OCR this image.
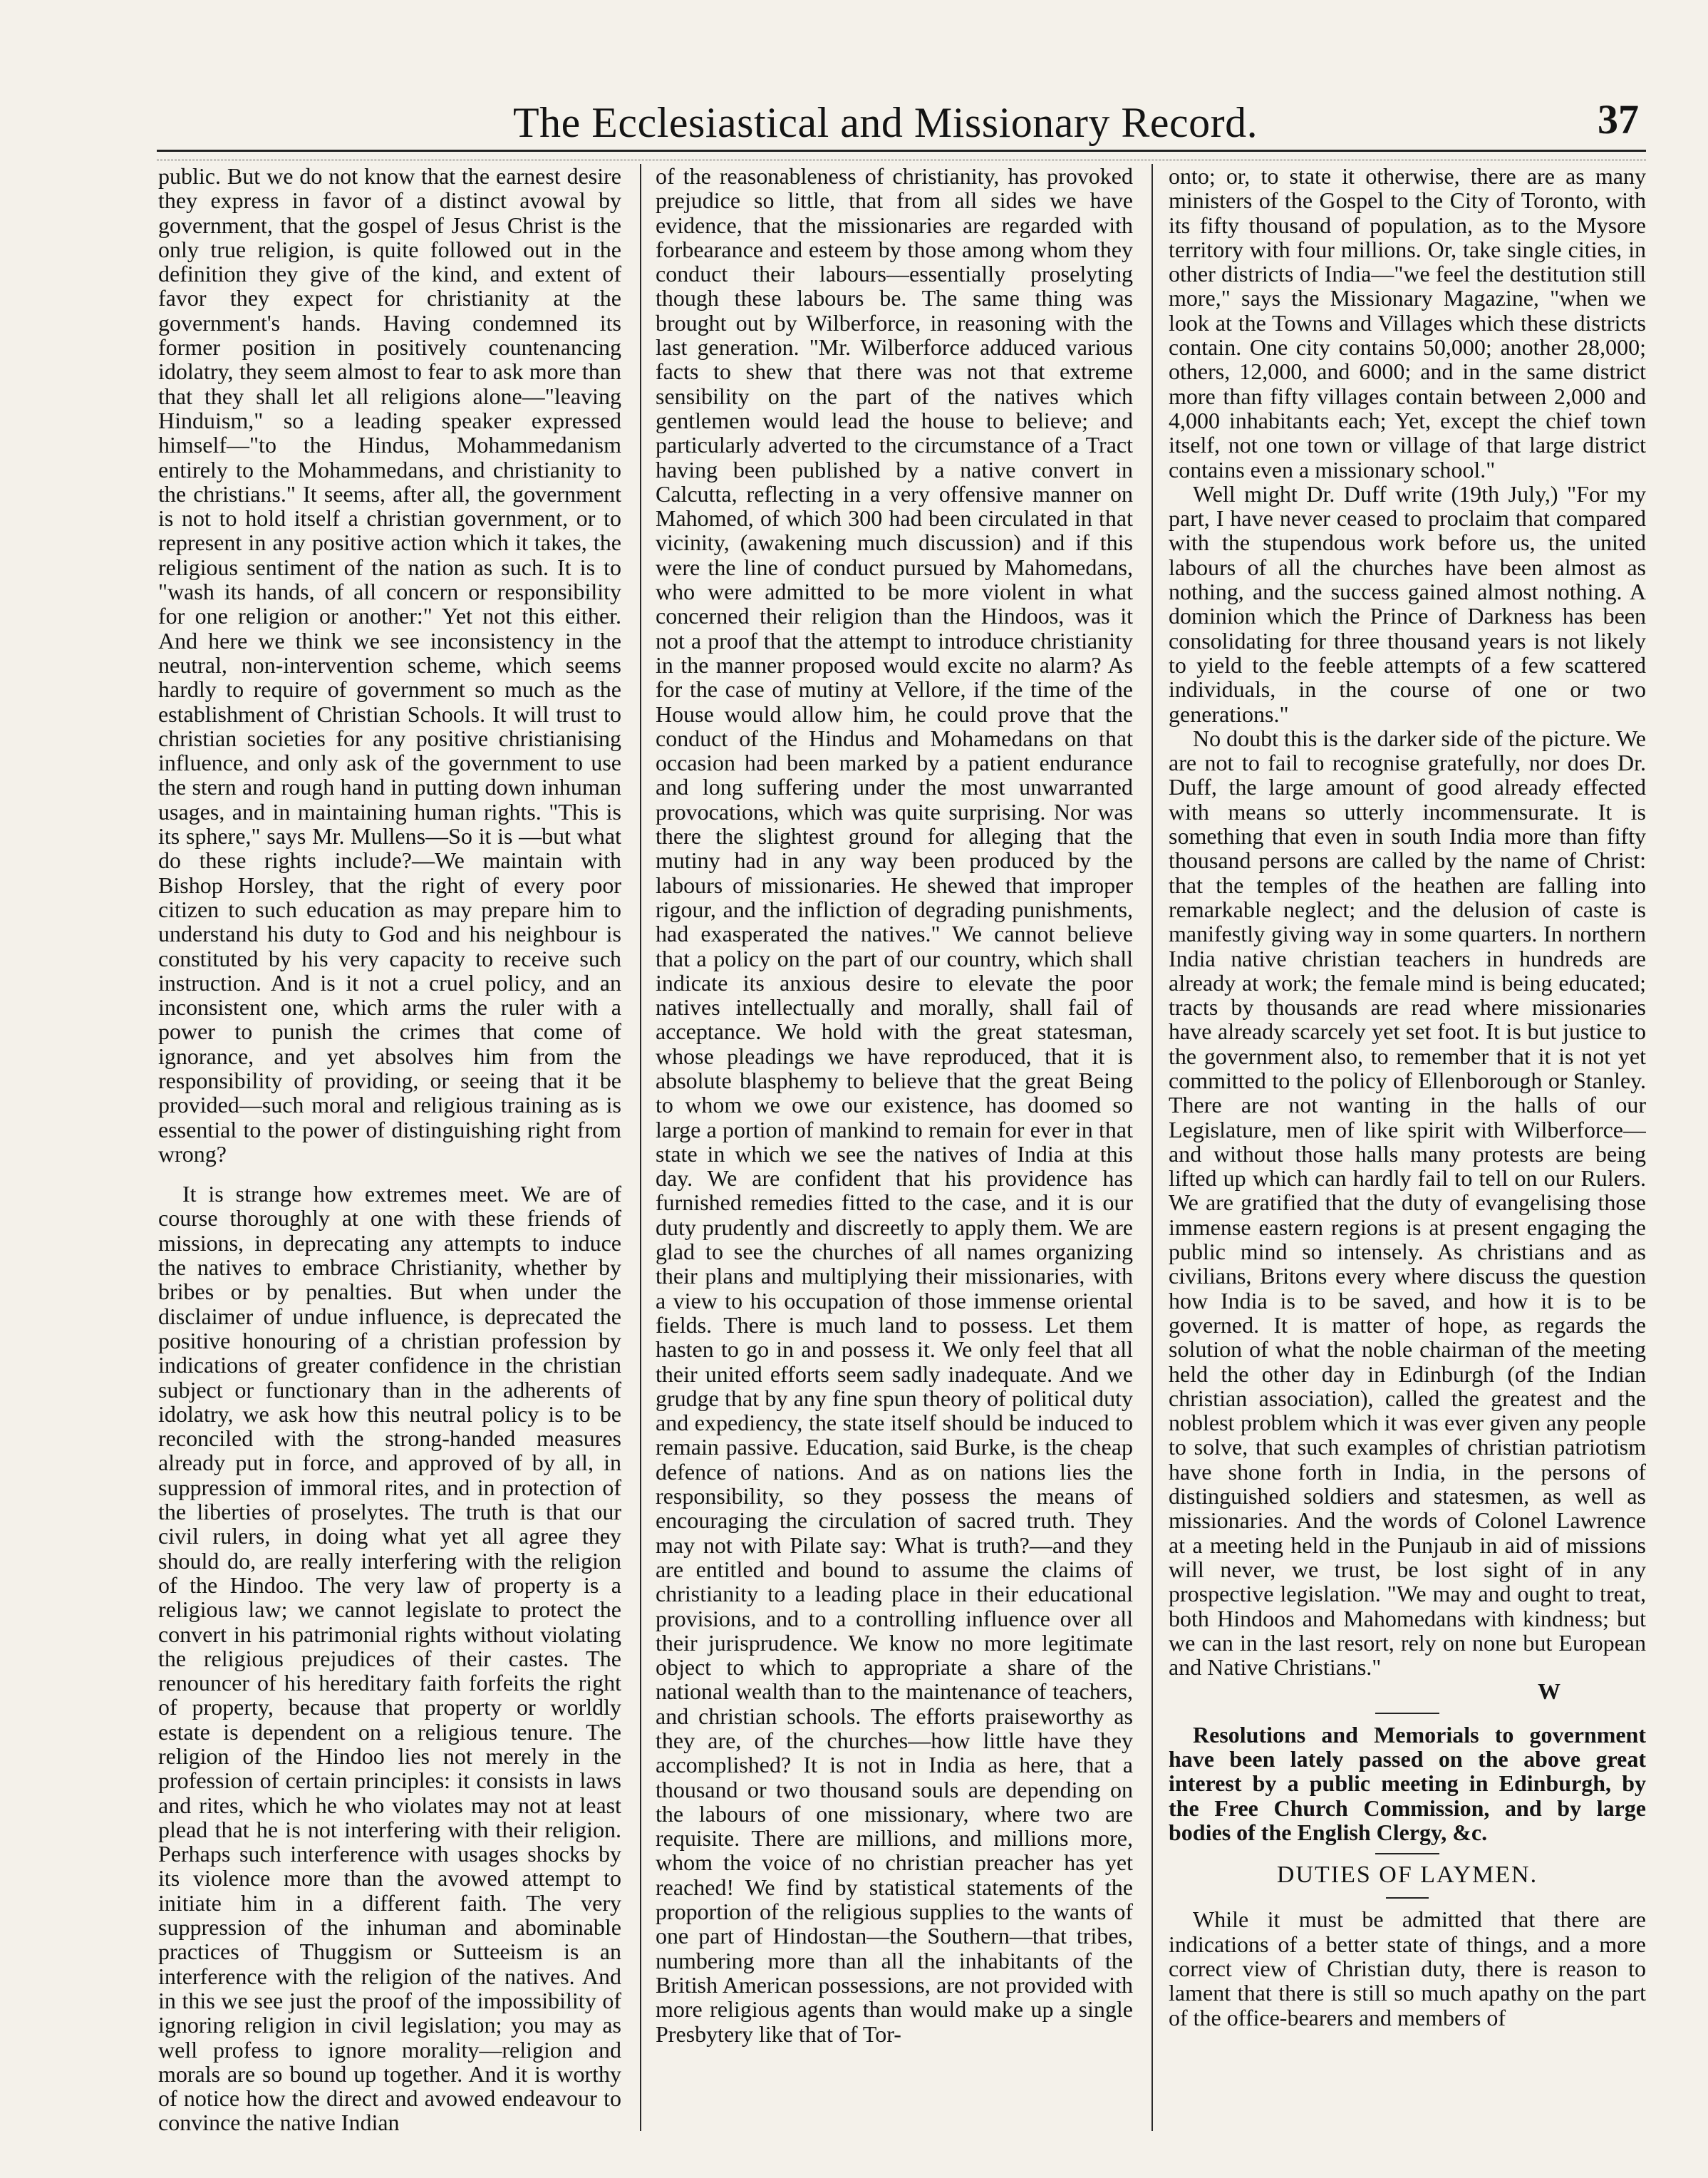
The Ecclesiastical and Missionary Record.	37

public. But we do not know that the earnest desire they express in favor of a distinct avowal by government, that the gospel of Jesus Christ is the only true religion, is quite followed out in the definition they give of the kind, and extent of favor they expect for christianity at the government's hands. Having condemned its former position in positively countenancing idolatry, they seem almost to fear to ask more than that they shall let all religions alone—"leaving Hinduism," so a leading speaker expressed himself—"to the Hindus, Mohammedanism entirely to the Mohammedans, and christianity to the christians." It seems, after all, the government is not to hold itself a christian government, or to represent in any positive action which it takes, the religious sentiment of the nation as such. It is to "wash its hands, of all concern or responsibility for one religion or another:" Yet not this either. And here we think we see inconsistency in the neutral, non-intervention scheme, which seems hardly to require of government so much as the establishment of Christian Schools. It will trust to christian societies for any positive christianising influence, and only ask of the government to use the stern and rough hand in putting down inhuman usages, and in maintaining human rights. "This is its sphere," says Mr. Mullens—So it is —but what do these rights include?—We maintain with Bishop Horsley, that the right of every poor citizen to such education as may prepare him to understand his duty to God and his neighbour is constituted by his very capacity to receive such instruction. And is it not a cruel policy, and an inconsistent one, which arms the ruler with a power to punish the crimes that come of ignorance, and yet absolves him from the responsibility of providing, or seeing that it be provided—such moral and religious training as is essential to the power of distinguishing right from wrong?

It is strange how extremes meet. We are of course thoroughly at one with these friends of missions, in deprecating any attempts to induce the natives to embrace Christianity, whether by bribes or by penalties. But when under the disclaimer of undue influence, is deprecated the positive honouring of a christian profession by indications of greater confidence in the christian subject or functionary than in the adherents of idolatry, we ask how this neutral policy is to be reconciled with the strong-handed measures already put in force, and approved of by all, in suppression of immoral rites, and in protection of the liberties of proselytes. The truth is that our civil rulers, in doing what yet all agree they should do, are really interfering with the religion of the Hindoo. The very law of property is a religious law; we cannot legislate to protect the convert in his patrimonial rights without violating the religious prejudices of their castes. The renouncer of his hereditary faith forfeits the right of property, because that property or worldly estate is dependent on a religious tenure. The religion of the Hindoo lies not merely in the profession of certain principles: it consists in laws and rites, which he who violates may not at least plead that he is not interfering with their religion. Perhaps such interference with usages shocks by its violence more than the avowed attempt to initiate him in a different faith. The very suppression of the inhuman and abominable practices of Thuggism or Sutteeism is an interference with the religion of the natives. And in this we see just the proof of the impossibility of ignoring religion in civil legislation; you may as well profess to ignore morality—religion and morals are so bound up together. And it is worthy of notice how the direct and avowed endeavour to convince the native Indian

of the reasonableness of christianity, has provoked prejudice so little, that from all sides we have evidence, that the missionaries are regarded with forbearance and esteem by those among whom they conduct their labours—essentially proselyting though these labours be. The same thing was brought out by Wilberforce, in reasoning with the last generation. "Mr. Wilberforce adduced various facts to shew that there was not that extreme sensibility on the part of the natives which gentlemen would lead the house to believe; and particularly adverted to the circumstance of a Tract having been published by a native convert in Calcutta, reflecting in a very offensive manner on Mahomed, of which 300 had been circulated in that vicinity, (awakening much discussion) and if this were the line of conduct pursued by Mahomedans, who were admitted to be more violent in what concerned their religion than the Hindoos, was it not a proof that the attempt to introduce christianity in the manner proposed would excite no alarm? As for the case of mutiny at Vellore, if the time of the House would allow him, he could prove that the conduct of the Hindus and Mohamedans on that occasion had been marked by a patient endurance and long suffering under the most unwarranted provocations, which was quite surprising. Nor was there the slightest ground for alleging that the mutiny had in any way been produced by the labours of missionaries. He shewed that improper rigour, and the infliction of degrading punishments, had exasperated the natives." We cannot believe that a policy on the part of our country, which shall indicate its anxious desire to elevate the poor natives intellectually and morally, shall fail of acceptance. We hold with the great statesman, whose pleadings we have reproduced, that it is absolute blasphemy to believe that the great Being to whom we owe our existence, has doomed so large a portion of mankind to remain for ever in that state in which we see the natives of India at this day. We are confident that his providence has furnished remedies fitted to the case, and it is our duty prudently and discreetly to apply them. We are glad to see the churches of all names organizing their plans and multiplying their missionaries, with a view to his occupation of those immense oriental fields. There is much land to possess. Let them hasten to go in and possess it. We only feel that all their united efforts seem sadly inadequate. And we grudge that by any fine spun theory of political duty and expediency, the state itself should be induced to remain passive. Education, said Burke, is the cheap defence of nations. And as on nations lies the responsibility, so they possess the means of encouraging the circulation of sacred truth. They may not with Pilate say: What is truth?—and they are entitled and bound to assume the claims of christianity to a leading place in their educational provisions, and to a controlling influence over all their jurisprudence. We know no more legitimate object to which to appropriate a share of the national wealth than to the maintenance of teachers, and christian schools. The efforts praiseworthy as they are, of the churches—how little have they accomplished? It is not in India as here, that a thousand or two thousand souls are depending on the labours of one missionary, where two are requisite. There are millions, and millions more, whom the voice of no christian preacher has yet reached! We find by statistical statements of the proportion of the religious supplies to the wants of one part of Hindostan—the Southern—that tribes, numbering more than all the inhabitants of the British American possessions, are not provided with more religious agents than would make up a single Presbytery like that of Tor-

onto; or, to state it otherwise, there are as many ministers of the Gospel to the City of Toronto, with its fifty thousand of population, as to the Mysore territory with four millions. Or, take single cities, in other districts of India—"we feel the destitution still more," says the Missionary Magazine, "when we look at the Towns and Villages which these districts contain. One city contains 50,000; another 28,000; others, 12,000, and 6000; and in the same district more than fifty villages contain between 2,000 and 4,000 inhabitants each; Yet, except the chief town itself, not one town or village of that large district contains even a missionary school."

Well might Dr. Duff write (19th July,) "For my part, I have never ceased to proclaim that compared with the stupendous work before us, the united labours of all the churches have been almost as nothing, and the success gained almost nothing. A dominion which the Prince of Darkness has been consolidating for three thousand years is not likely to yield to the feeble attempts of a few scattered individuals, in the course of one or two generations."

No doubt this is the darker side of the picture. We are not to fail to recognise gratefully, nor does Dr. Duff, the large amount of good already effected with means so utterly incommensurate. It is something that even in south India more than fifty thousand persons are called by the name of Christ: that the temples of the heathen are falling into remarkable neglect; and the delusion of caste is manifestly giving way in some quarters. In northern India native christian teachers in hundreds are already at work; the female mind is being educated; tracts by thousands are read where missionaries have already scarcely yet set foot. It is but justice to the government also, to remember that it is not yet committed to the policy of Ellenborough or Stanley. There are not wanting in the halls of our Legislature, men of like spirit with Wilberforce—and without those halls many protests are being lifted up which can hardly fail to tell on our Rulers. We are gratified that the duty of evangelising those immense eastern regions is at present engaging the public mind so intensely. As christians and as civilians, Britons every where discuss the question how India is to be saved, and how it is to be governed. It is matter of hope, as regards the solution of what the noble chairman of the meeting held the other day in Edinburgh (of the Indian christian association), called the greatest and the noblest problem which it was ever given any people to solve, that such examples of christian patriotism have shone forth in India, in the persons of distinguished soldiers and statesmen, as well as missionaries. And the words of Colonel Lawrence at a meeting held in the Punjaub in aid of missions will never, we trust, be lost sight of in any prospective legislation. "We may and ought to treat, both Hindoos and Mahomedans with kindness; but we can in the last resort, rely on none but European and Native Christians."

W

Resolutions and Memorials to government have been lately passed on the above great interest by a public meeting in Edinburgh, by the Free Church Commission, and by large bodies of the English Clergy, &c.

DUTIES OF LAYMEN.

While it must be admitted that there are indications of a better state of things, and a more correct view of Christian duty, there is reason to lament that there is still so much apathy on the part of the office-bearers and members of
